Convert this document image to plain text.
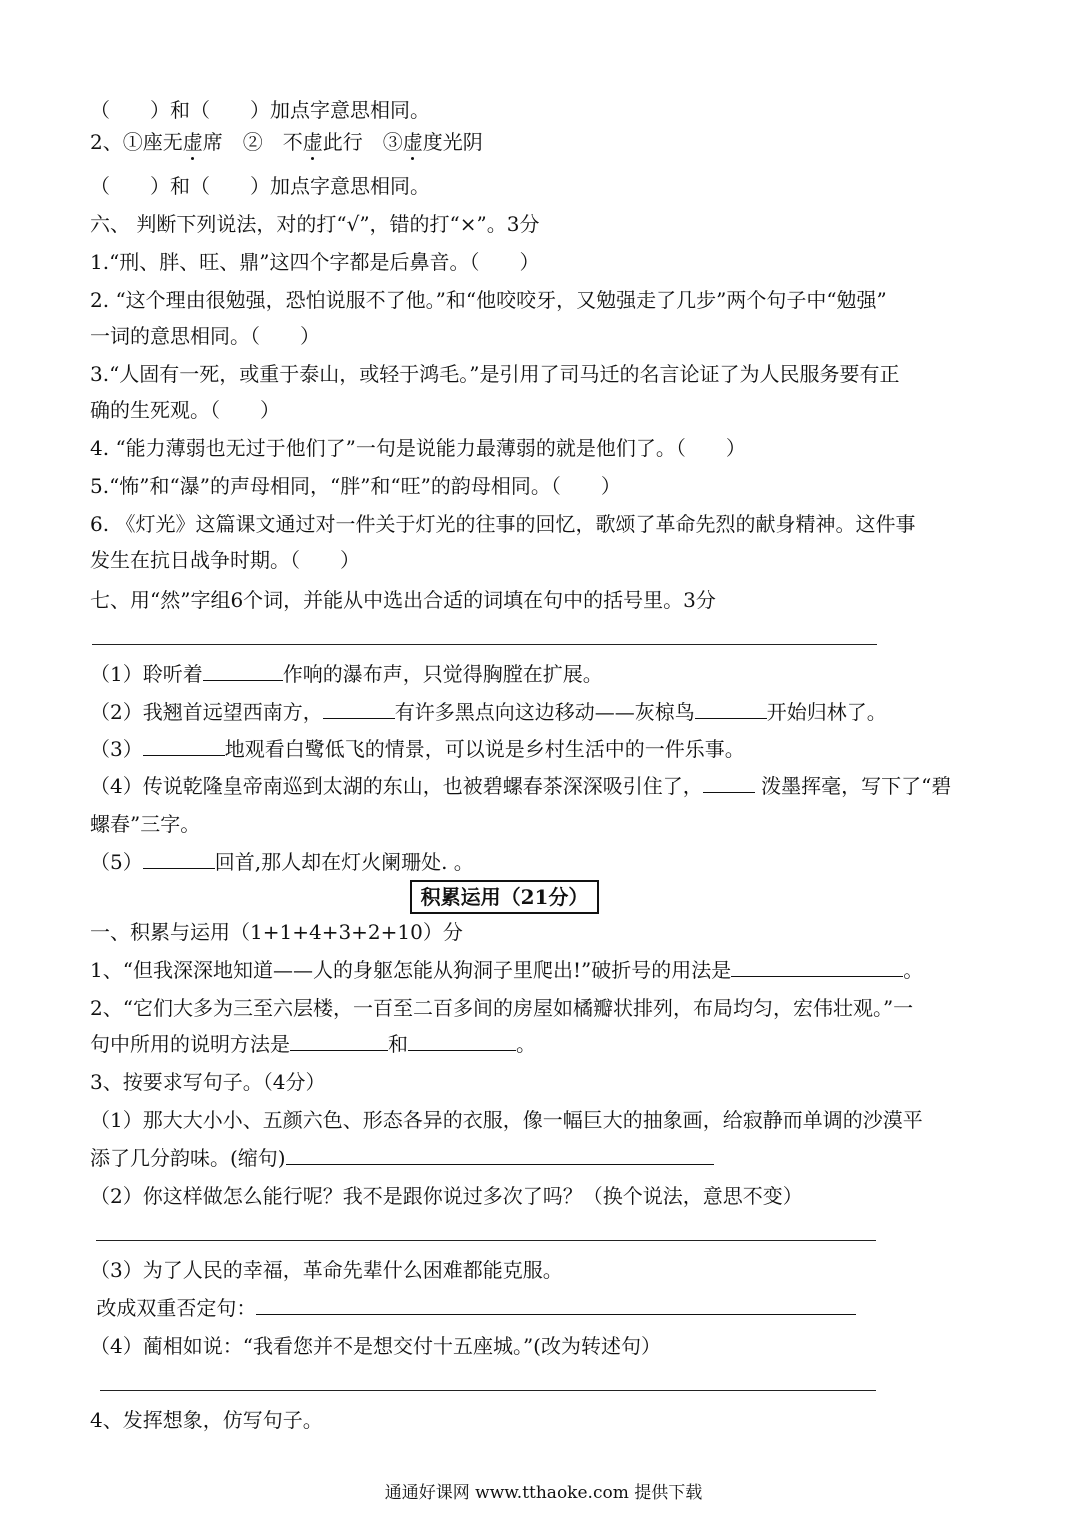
（　　）和（　　）加点字意思相同。
2、①座无虚席　②　不虚此行　③虚度光阴
（　　）和（　　）加点字意思相同。
六、 判断下列说法，对的打“√”，错的打“×”。3分
1.“刑、胖、旺、鼎”这四个字都是后鼻音。（　　）
2. “这个理由很勉强，恐怕说服不了他。”和“他咬咬牙，又勉强走了几步”两个句子中“勉强”
一词的意思相同。（　　）
3.“人固有一死，或重于泰山，或轻于鸿毛。”是引用了司马迁的名言论证了为人民服务要有正
确的生死观。（　　）
4. “能力薄弱也无过于他们了”一句是说能力最薄弱的就是他们了。（　　）
5.“怖”和“瀑”的声母相同，“胖”和“旺”的韵母相同。（　　）
6. 《灯光》这篇课文通过对一件关于灯光的往事的回忆，歌颂了革命先烈的献身精神。这件事
发生在抗日战争时期。（　　）
七、用“然”字组6个词，并能从中选出合适的词填在句中的括号里。3分
（1）聆听着	作响的瀑布声，只觉得胸膛在扩展。
（2）我翘首远望西南方，	有许多黑点向这边移动——灰椋鸟	开始归林了。
（3）	地观看白鹭低飞的情景，可以说是乡村生活中的一件乐事。
（4）传说乾隆皇帝南巡到太湖的东山，也被碧螺春茶深深吸引住了，	泼墨挥毫，写下了“碧
螺春”三字。
（5）	回首,那人却在灯火阑珊处. 。
积累运用（21分）
一、积累与运用（1+1+4+3+2+10）分
1、“但我深深地知道——人的身躯怎能从狗洞子里爬出!”破折号的用法是	。
2、“它们大多为三至六层楼，一百至二百多间的房屋如橘瓣状排列，布局均匀，宏伟壮观。”一
句中所用的说明方法是	和	。
3、按要求写句子。（4分）
（1）那大大小小、五颜六色、形态各异的衣服，像一幅巨大的抽象画，给寂静而单调的沙漠平
添了几分韵味。(缩句)
（2）你这样做怎么能行呢？我不是跟你说过多次了吗？（换个说法，意思不变）
（3）为了人民的幸福，革命先辈什么困难都能克服。
改成双重否定句：
（4）蔺相如说：“我看您并不是想交付十五座城。”(改为转述句）
4、发挥想象，仿写句子。
通通好课网 www.tthaoke.com 提供下载
